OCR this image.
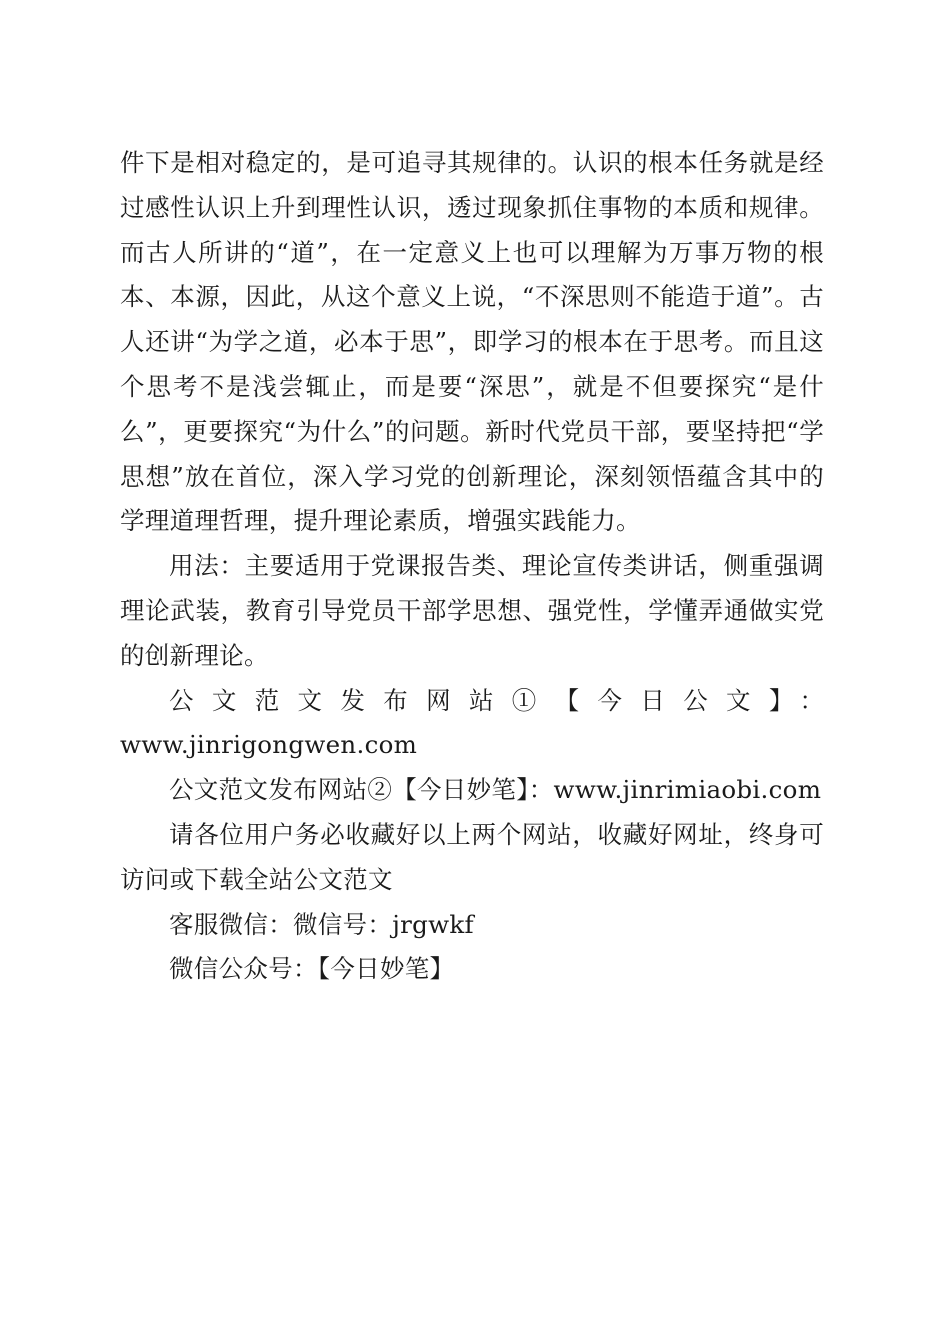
件下是相对稳定的，是可追寻其规律的。认识的根本任务就是经过感性认识上升到理性认识，透过现象抓住事物的本质和规律。而古人所讲的“道”，在一定意义上也可以理解为万事万物的根本、本源，因此，从这个意义上说，“不深思则不能造于道”。古人还讲“为学之道，必本于思”，即学习的根本在于思考。而且这个思考不是浅尝辄止，而是要“深思”，就是不但要探究“是什么”，更要探究“为什么”的问题。新时代党员干部，要坚持把“学思想”放在首位，深入学习党的创新理论，深刻领悟蕴含其中的学理道理哲理，提升理论素质，增强实践能力。

用法：主要适用于党课报告类、理论宣传类讲话，侧重强调理论武装，教育引导党员干部学思想、强党性，学懂弄通做实党的创新理论。

公文范文发布网站①【今日公文】：

www.jinrigongwen.com

公文范文发布网站②【今日妙笔】：www.jinrimiaobi.com

请各位用户务必收藏好以上两个网站，收藏好网址，终身可访问或下载全站公文范文

客服微信：微信号：jrgwkf

微信公众号：【今日妙笔】
